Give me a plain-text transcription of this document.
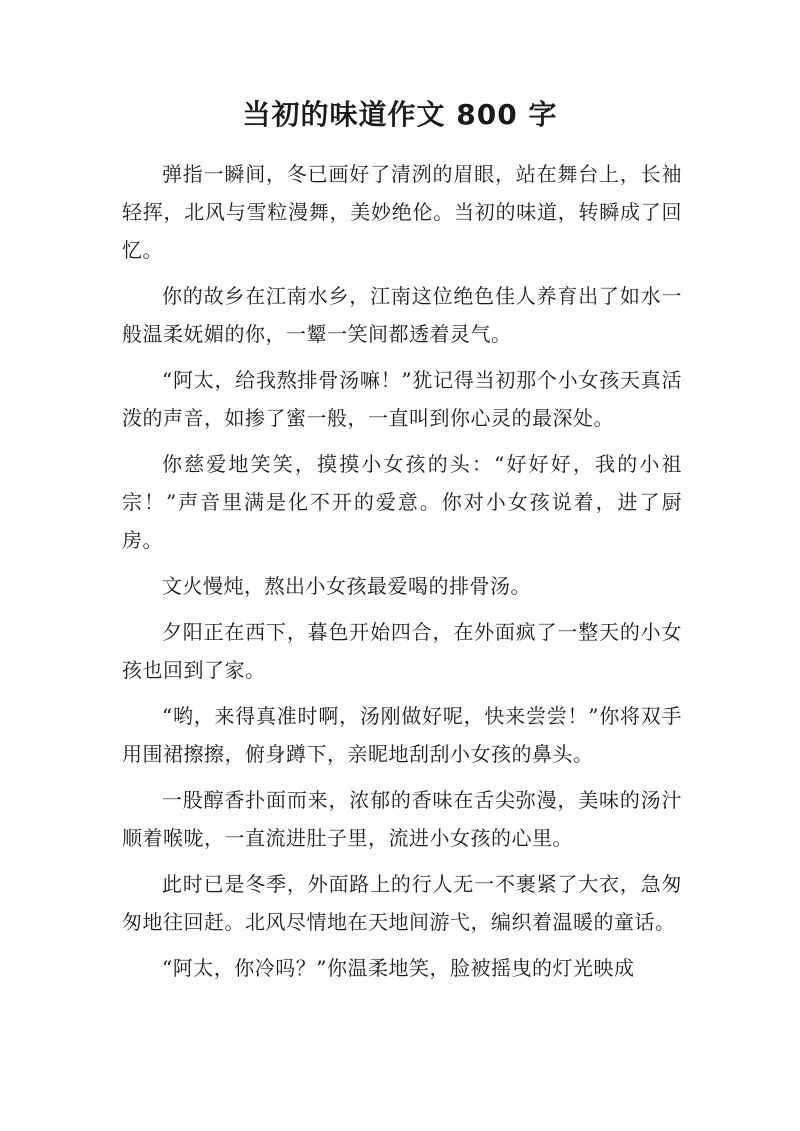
当初的味道作文 800 字

弹指一瞬间，冬已画好了清洌的眉眼，站在舞台上，长袖轻挥，北风与雪粒漫舞，美妙绝伦。当初的味道，转瞬成了回忆。

你的故乡在江南水乡，江南这位绝色佳人养育出了如水一般温柔妩媚的你，一颦一笑间都透着灵气。

“阿太，给我熬排骨汤嘛！”犹记得当初那个小女孩天真活泼的声音，如掺了蜜一般，一直叫到你心灵的最深处。

你慈爱地笑笑，摸摸小女孩的头：“好好好，我的小祖宗！”声音里满是化不开的爱意。你对小女孩说着，进了厨房。

文火慢炖，熬出小女孩最爱喝的排骨汤。

夕阳正在西下，暮色开始四合，在外面疯了一整天的小女孩也回到了家。

“哟，来得真准时啊，汤刚做好呢，快来尝尝！”你将双手用围裙擦擦，俯身蹲下，亲昵地刮刮小女孩的鼻头。

一股醇香扑面而来，浓郁的香味在舌尖弥漫，美味的汤汁顺着喉咙，一直流进肚子里，流进小女孩的心里。

此时已是冬季，外面路上的行人无一不裹紧了大衣，急匆匆地往回赶。北风尽情地在天地间游弋，编织着温暖的童话。

“阿太，你冷吗？”你温柔地笑，脸被摇曳的灯光映成
